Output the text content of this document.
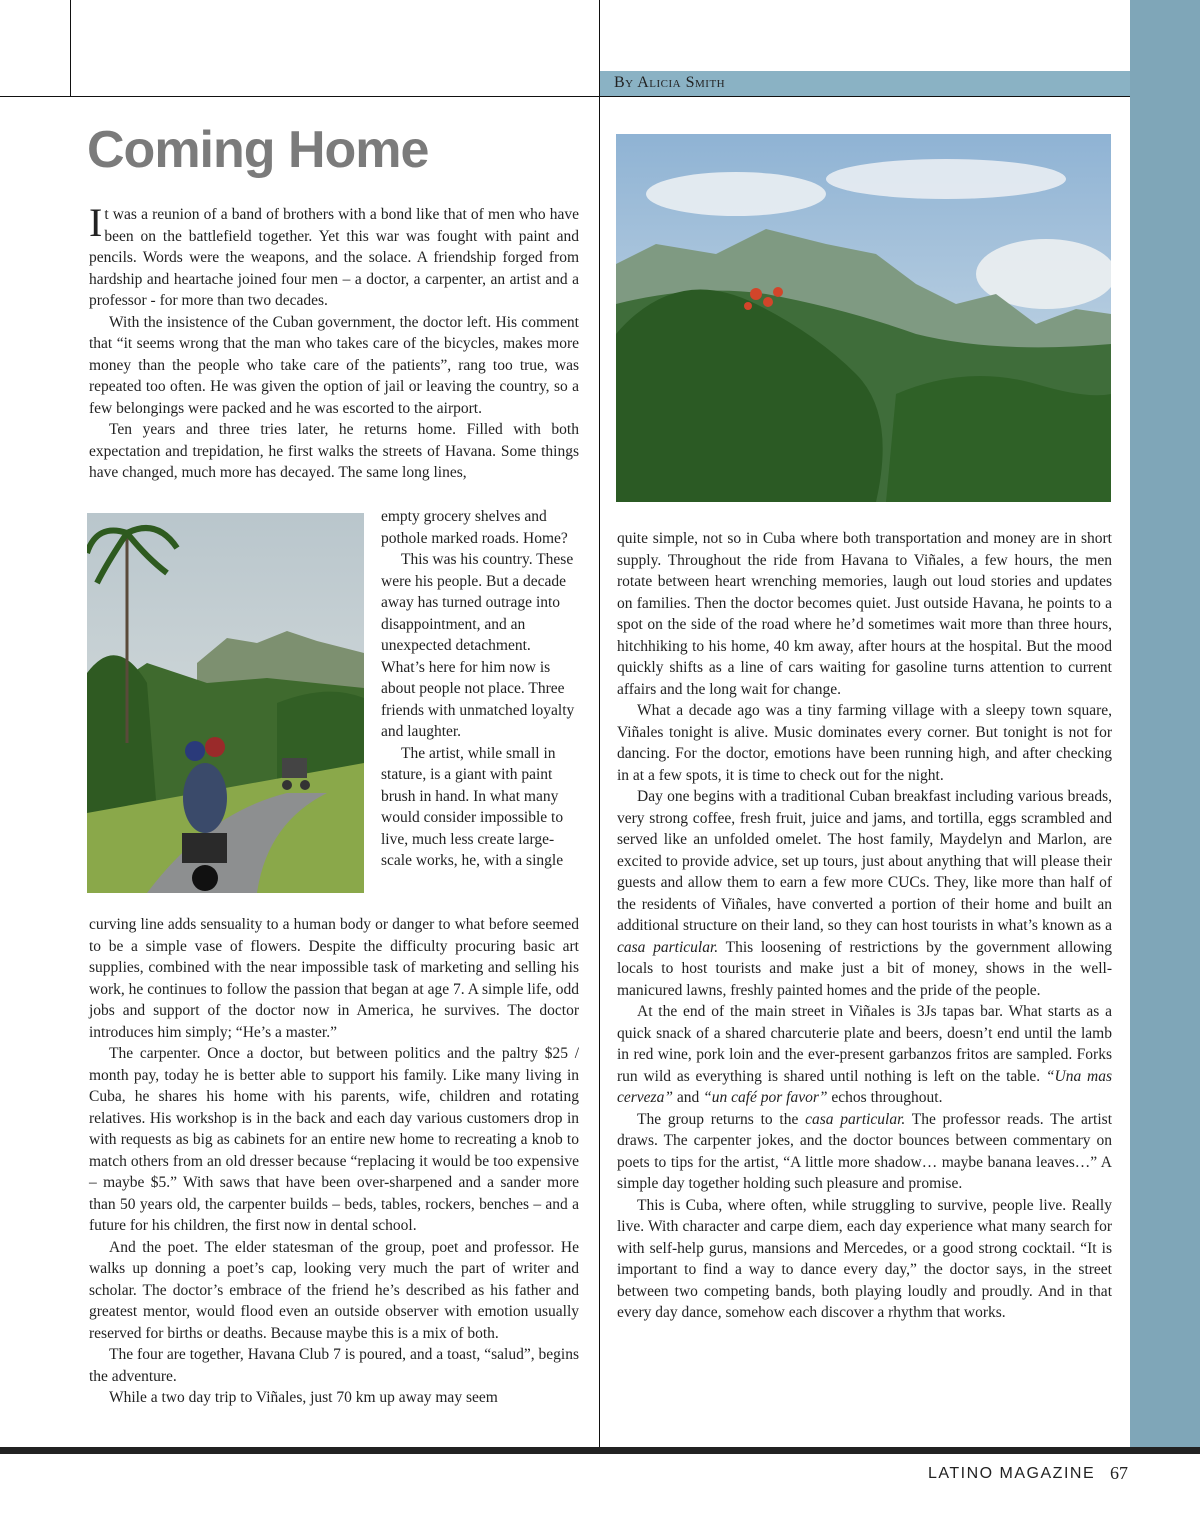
By Alicia Smith
Coming Home

It was a reunion of a band of brothers with a bond like that of men who have been on the battlefield together. Yet this war was fought with paint and pencils. Words were the weapons, and the solace. A friendship forged from hardship and heartache joined four men – a doctor, a carpenter, an artist and a professor - for more than two decades.

With the insistence of the Cuban government, the doctor left. His comment that “it seems wrong that the man who takes care of the bicycles, makes more money than the people who take care of the patients”, rang too true, was repeated too often. He was given the option of jail or leaving the country, so a few belongings were packed and he was escorted to the airport.

Ten years and three tries later, he returns home. Filled with both expectation and trepidation, he first walks the streets of Havana. Some things have changed, much more has decayed. The same long lines,

empty grocery shelves and pothole marked roads. Home?

This was his country. These were his people. But a decade away has turned outrage into disappointment, and an unexpected detachment. What’s here for him now is about people not place. Three friends with unmatched loyalty and laughter.

The artist, while small in stature, is a giant with paint brush in hand. In what many would consider impossible to live, much less create large-scale works, he, with a single

curving line adds sensuality to a human body or danger to what before seemed to be a simple vase of flowers. Despite the difficulty procuring basic art supplies, combined with the near impossible task of marketing and selling his work, he continues to follow the passion that began at age 7. A simple life, odd jobs and support of the doctor now in America, he survives. The doctor introduces him simply; “He’s a master.”

The carpenter. Once a doctor, but between politics and the paltry $25 / month pay, today he is better able to support his family. Like many living in Cuba, he shares his home with his parents, wife, children and rotating relatives. His workshop is in the back and each day various customers drop in with requests as big as cabinets for an entire new home to recreating a knob to match others from an old dresser because “replacing it would be too expensive – maybe $5.” With saws that have been over-sharpened and a sander more than 50 years old, the carpenter builds – beds, tables, rockers, benches – and a future for his children, the first now in dental school.

And the poet. The elder statesman of the group, poet and professor. He walks up donning a poet’s cap, looking very much the part of writer and scholar. The doctor’s embrace of the friend he’s described as his father and greatest mentor, would flood even an outside observer with emotion usually reserved for births or deaths. Because maybe this is a mix of both.

The four are together, Havana Club 7 is poured, and a toast, “salud”, begins the adventure.

While a two day trip to Viñales, just 70 km up away may seem

quite simple, not so in Cuba where both transportation and money are in short supply. Throughout the ride from Havana to Viñales, a few hours, the men rotate between heart wrenching memories, laugh out loud stories and updates on families. Then the doctor becomes quiet. Just outside Havana, he points to a spot on the side of the road where he’d sometimes wait more than three hours, hitchhiking to his home, 40 km away, after hours at the hospital. But the mood quickly shifts as a line of cars waiting for gasoline turns attention to current affairs and the long wait for change.

What a decade ago was a tiny farming village with a sleepy town square, Viñales tonight is alive. Music dominates every corner. But tonight is not for dancing. For the doctor, emotions have been running high, and after checking in at a few spots, it is time to check out for the night.

Day one begins with a traditional Cuban breakfast including various breads, very strong coffee, fresh fruit, juice and jams, and tortilla, eggs scrambled and served like an unfolded omelet. The host family, Maydelyn and Marlon, are excited to provide advice, set up tours, just about anything that will please their guests and allow them to earn a few more CUCs. They, like more than half of the residents of Viñales, have converted a portion of their home and built an additional structure on their land, so they can host tourists in what’s known as a casa particular. This loosening of restrictions by the government allowing locals to host tourists and make just a bit of money, shows in the well-manicured lawns, freshly painted homes and the pride of the people.

At the end of the main street in Viñales is 3Js tapas bar. What starts as a quick snack of a shared charcuterie plate and beers, doesn’t end until the lamb in red wine, pork loin and the ever-present garbanzos fritos are sampled. Forks run wild as everything is shared until nothing is left on the table. “Una mas cerveza” and “un café por favor” echos throughout.

The group returns to the casa particular. The professor reads. The artist draws. The carpenter jokes, and the doctor bounces between commentary on poets to tips for the artist, “A little more shadow… maybe banana leaves…” A simple day together holding such pleasure and promise.

This is Cuba, where often, while struggling to survive, people live. Really live. With character and carpe diem, each day experience what many search for with self-help gurus, mansions and Mercedes, or a good strong cocktail. “It is important to find a way to dance every day,” the doctor says, in the street between two competing bands, both playing loudly and proudly. And in that every day dance, somehow each discover a rhythm that works.

LATINO MAGAZINE 67
